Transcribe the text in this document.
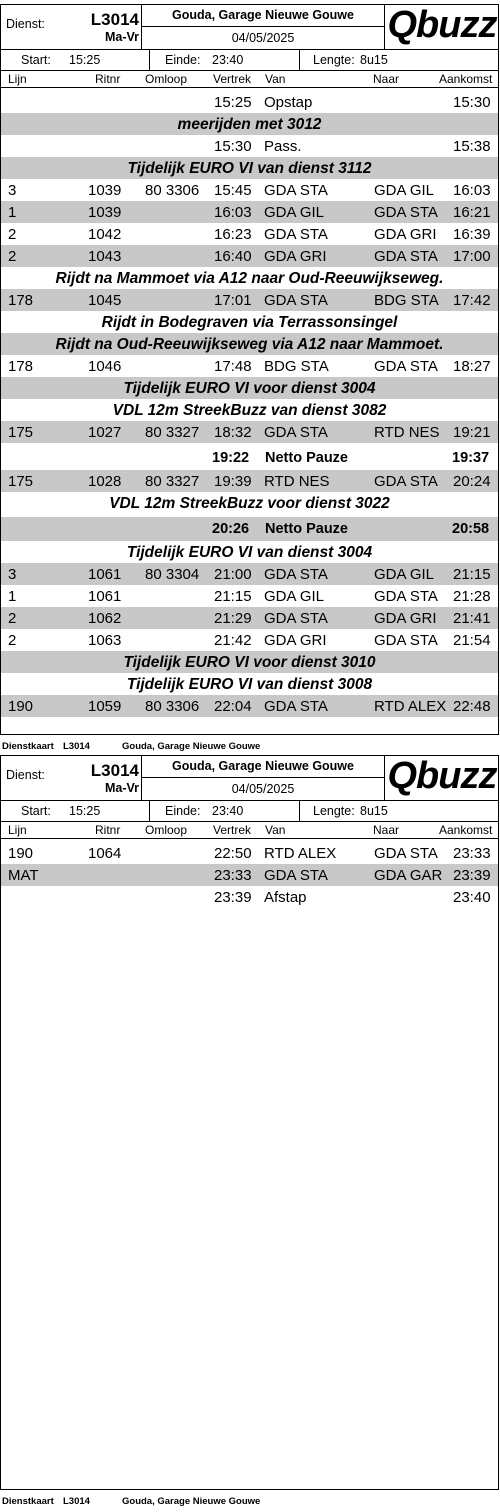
Dienst:	L3014
Ma-Vr
Gouda, Garage Nieuwe Gouwe
04/05/2025	Qbuzz
Start: 15:25	Einde: 23:40	Lengte: 8u15
Lijn	Ritnr Omloop Vertrek Van	Naar	Aankomst
15:25 Opstap	15:30
meerijden met 3012
15:30 Pass.	15:38
Tijdelijk EURO VI van dienst 3112
3	1039 80 3306 15:45 GDA STA	GDA GIL 16:03
1	1039	16:03 GDA GIL	GDA STA 16:21
2	1042	16:23 GDA STA	GDA GRI 16:39
2	1043	16:40 GDA GRI	GDA STA 17:00
Rijdt na Mammoet via A12 naar Oud-Reeuwijkseweg.
178	1045	17:01 GDA STA	BDG STA 17:42
Rijdt in Bodegraven via Terrassonsingel
Rijdt na Oud-Reeuwijkseweg via A12 naar Mammoet.
178	1046	17:48 BDG STA	GDA STA 18:27
Tijdelijk EURO VI voor dienst 3004
VDL 12m StreekBuzz van dienst 3082
175	1027 80 3327 18:32 GDA STA	RTD NES 19:21
19:22 Netto Pauze	19:37
175	1028 80 3327 19:39 RTD NES	GDA STA 20:24
VDL 12m StreekBuzz voor dienst 3022
20:26 Netto Pauze	20:58
Tijdelijk EURO VI van dienst 3004
3	1061 80 3304 21:00 GDA STA	GDA GIL 21:15
1	1061	21:15 GDA GIL	GDA STA 21:28
2	1062	21:29 GDA STA	GDA GRI 21:41
2	1063	21:42 GDA GRI	GDA STA 21:54
Tijdelijk EURO VI voor dienst 3010
Tijdelijk EURO VI van dienst 3008
190	1059 80 3306 22:04 GDA STA	RTD ALEX 22:48
Dienstkaart L3014	Gouda, Garage Nieuwe Gouwe
Dienst:	L3014
Ma-Vr
Gouda, Garage Nieuwe Gouwe
04/05/2025	Qbuzz
Start: 15:25	Einde: 23:40	Lengte: 8u15
Lijn	Ritnr Omloop Vertrek Van	Naar	Aankomst
190	1064	22:50 RTD ALEX	GDA STA 23:33
MAT	23:33 GDA STA	GDA GAR 23:39
23:39 Afstap	23:40
Dienstkaart L3014	Gouda, Garage Nieuwe Gouwe
